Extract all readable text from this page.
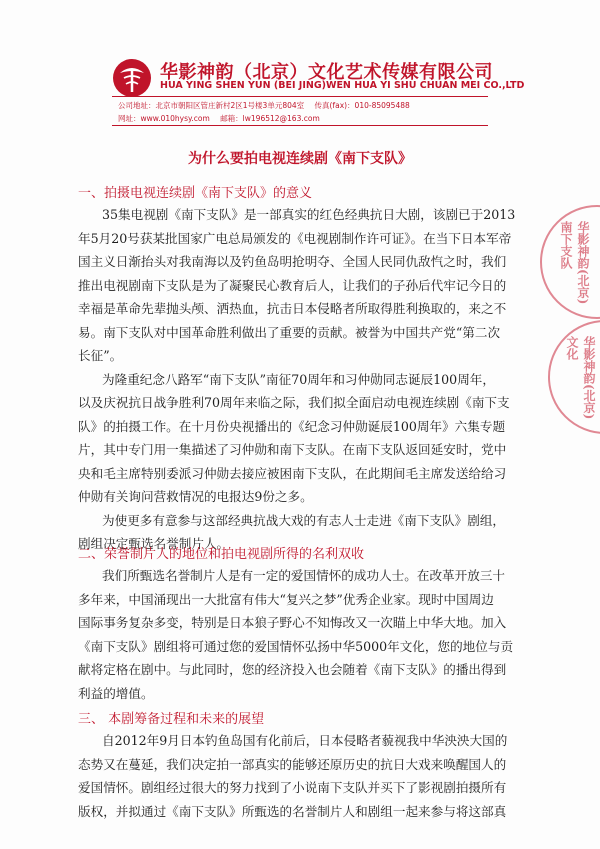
华影神韵（北京）文化艺术传媒有限公司
HUA YING SHEN YUN (BEI JING)WEN HUA YI SHU CHUAN MEI CO.,LTD
公司地址：北京市朝阳区管庄新村2区1号楼3单元804室 传真(fax)：010-85095488
网址：www.010hysy.com 邮箱：lw196512@163.com
为什么要拍电视连续剧《南下支队》
一、拍摄电视连续剧《南下支队》的意义
35集电视剧《南下支队》是一部真实的红色经典抗日大剧，该剧已于2013
年5月20号获某批国家广电总局颁发的《电视剧制作许可证》。在当下日本军帝
国主义日渐抬头对我南海以及钓鱼岛明抢明夺、全国人民同仇敌忾之时，我们
推出电视剧南下支队是为了凝聚民心教育后人，让我们的子孙后代牢记今日的
幸福是革命先辈抛头颅、洒热血，抗击日本侵略者所取得胜利换取的，来之不
易。南下支队对中国革命胜利做出了重要的贡献。被誉为中国共产党“第二次
长征”。
为隆重纪念八路军“南下支队”南征70周年和习仲勋同志诞辰100周年，
以及庆祝抗日战争胜利70周年来临之际，我们拟全面启动电视连续剧《南下支
队》的拍摄工作。在十月份央视播出的《纪念习仲勋诞辰100周年》六集专题
片，其中专门用一集描述了习仲勋和南下支队。在南下支队返回延安时，党中
央和毛主席特别委派习仲勋去接应被困南下支队，在此期间毛主席发送给给习
仲勋有关询问营救情况的电报达9份之多。
为使更多有意参与这部经典抗战大戏的有志人士走进《南下支队》剧组，
剧组决定甄选名誉制片人。
二、荣誉制片人的地位和拍电视剧所得的名利双收
我们所甄选名誉制片人是有一定的爱国情怀的成功人士。在改革开放三十
多年来，中国涌现出一大批富有伟大“复兴之梦”优秀企业家。现时中国周边
国际事务复杂多变，特别是日本狼子野心不知悔改又一次瞄上中华大地。加入
《南下支队》剧组将可通过您的爱国情怀弘扬中华5000年文化，您的地位与贡
献将定格在剧中。与此同时，您的经济投入也会随着《南下支队》的播出得到
利益的增值。
三、 本剧筹备过程和未来的展望
自2012年9月日本钓鱼岛国有化前后，日本侵略者藐视我中华泱泱大国的
态势又在蔓延，我们决定拍一部真实的能够还原历史的抗日大戏来唤醒国人的
爱国情怀。剧组经过很大的努力找到了小说南下支队并买下了影视剧拍摄所有
版权，并拟通过《南下支队》所甄选的名誉制片人和剧组一起来参与将这部真
华影神韵(北京)南下支队
华影神韵(北京)文化
